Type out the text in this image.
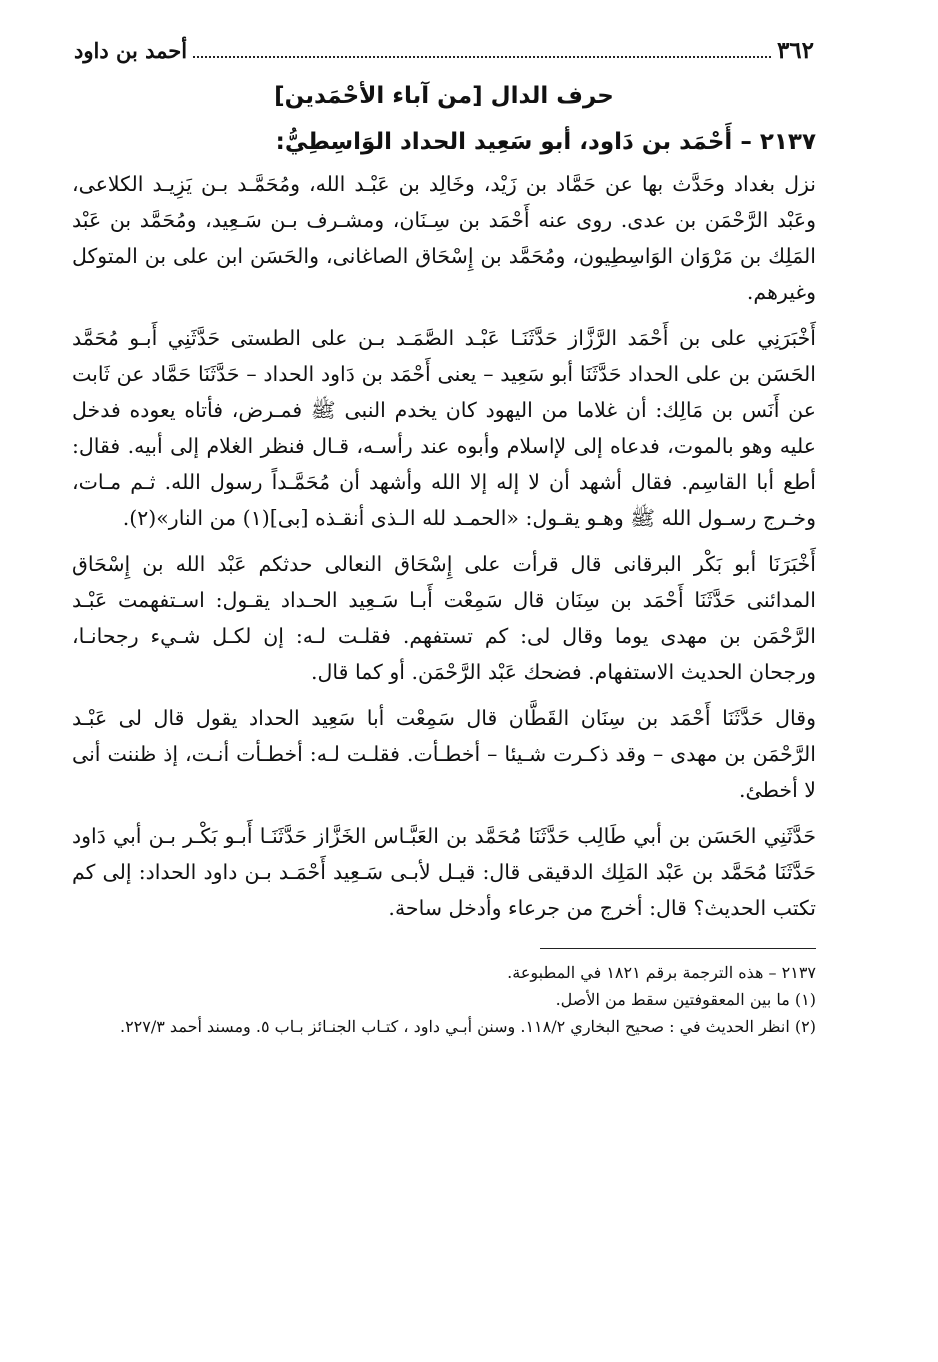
٣٦٢
أحمد بن داود
حرف الدال [من آباء الأحْمَدين]
٢١٣٧ – أَحْمَد بن دَاود، أبو سَعِيد الحداد الوَاسِطِيُّ:

نزل بغداد وحَدَّث بها عن حَمَّاد بن زَيْد، وخَالِد بن عَبْـد الله، ومُحَمَّـد بـن يَزِيـد الكلاعى، وعَبْد الرَّحْمَن بن عدى. روى عنه أَحْمَد بن سِـنَان، ومشـرف بـن سَـعِيد، ومُحَمَّد بن عَبْد المَلِك بن مَرْوَان الوَاسِطِيون، ومُحَمَّد بن إِسْحَاق الصاغانى، والحَسَن ابن على بن المتوكل وغيرهم.

أَخْبَرَنِي على بن أَحْمَد الرَّزَّاز حَدَّثَنَـا عَبْـد الصَّمَـد بـن على الطستى حَدَّثَنِي أَبـو مُحَمَّد الحَسَن بن على الحداد حَدَّثَنَا أبو سَعِيد – يعنى أَحْمَد بن دَاود الحداد – حَدَّثَنَا حَمَّاد عن ثَابت عن أَنَس بن مَالِك: أن غلاما من اليهود كان يخدم النبى ﷺ فمـرض، فأتاه يعوده فدخل عليه وهو بالموت، فدعاه إلى لإاسلام وأبوه عند رأسـه، قـال فنظر الغلام إلى أبيه. فقال: أطع أبا القاسِم. فقال أشهد أن لا إله إلا الله وأشهد أن مُحَمَّـداً رسول الله. ثـم مـات، وخـرج رسـول الله ﷺ وهـو يقـول: «الحمـد لله الـذى أنقـذه [بى](١) من النار»(٢).

أَخْبَرَنَا أبو بَكْر البرقانى قال قرأت على إِسْحَاق النعالى حدثكم عَبْد الله بن إِسْحَاق المدائنى حَدَّثَنَا أَحْمَد بن سِنَان قال سَمِعْت أَبـا سَـعِيد الحـداد يقـول: اسـتفهمت عَبْـد الرَّحْمَن بن مهدى يوما وقال لى: كم تستفهم. فقلـت لـه: إن لكـل شـيء رجحانـا، ورجحان الحديث الاستفهام. فضحك عَبْد الرَّحْمَن. أو كما قال.

وقال حَدَّثَنَا أَحْمَد بن سِنَان القَطَّان قال سَمِعْت أبا سَعِيد الحداد يقول قال لى عَبْـد الرَّحْمَن بن مهدى – وقد ذكـرت شـيئا – أخطـأت. فقلـت لـه: أخطـأت أنـت، إذ ظننت أنى لا أخطئ.

حَدَّثَنِي الحَسَن بن أبي طَالِب حَدَّثَنَا مُحَمَّد بن العَبَّـاس الخَزَّاز حَدَّثَنَـا أَبـو بَكْـر بـن أبي دَاود حَدَّثَنَا مُحَمَّد بن عَبْد المَلِك الدقيقى قال: قيـل لأبـى سَـعِيد أَحْمَـد بـن داود الحداد: إلى كم تكتب الحديث؟ قال: أخرج من جرعاء وأدخل ساحة.

٢١٣٧ – هذه الترجمة برقم ١٨٢١ في المطبوعة.

(١) ما بين المعقوفتين سقط من الأصل.

(٢) انظر الحديث في : صحيح البخاري ١١٨/٢. وسنن أبـي داود ، كتـاب الجنـائز بـاب ٥. ومسند أحمد ٢٢٧/٣.
